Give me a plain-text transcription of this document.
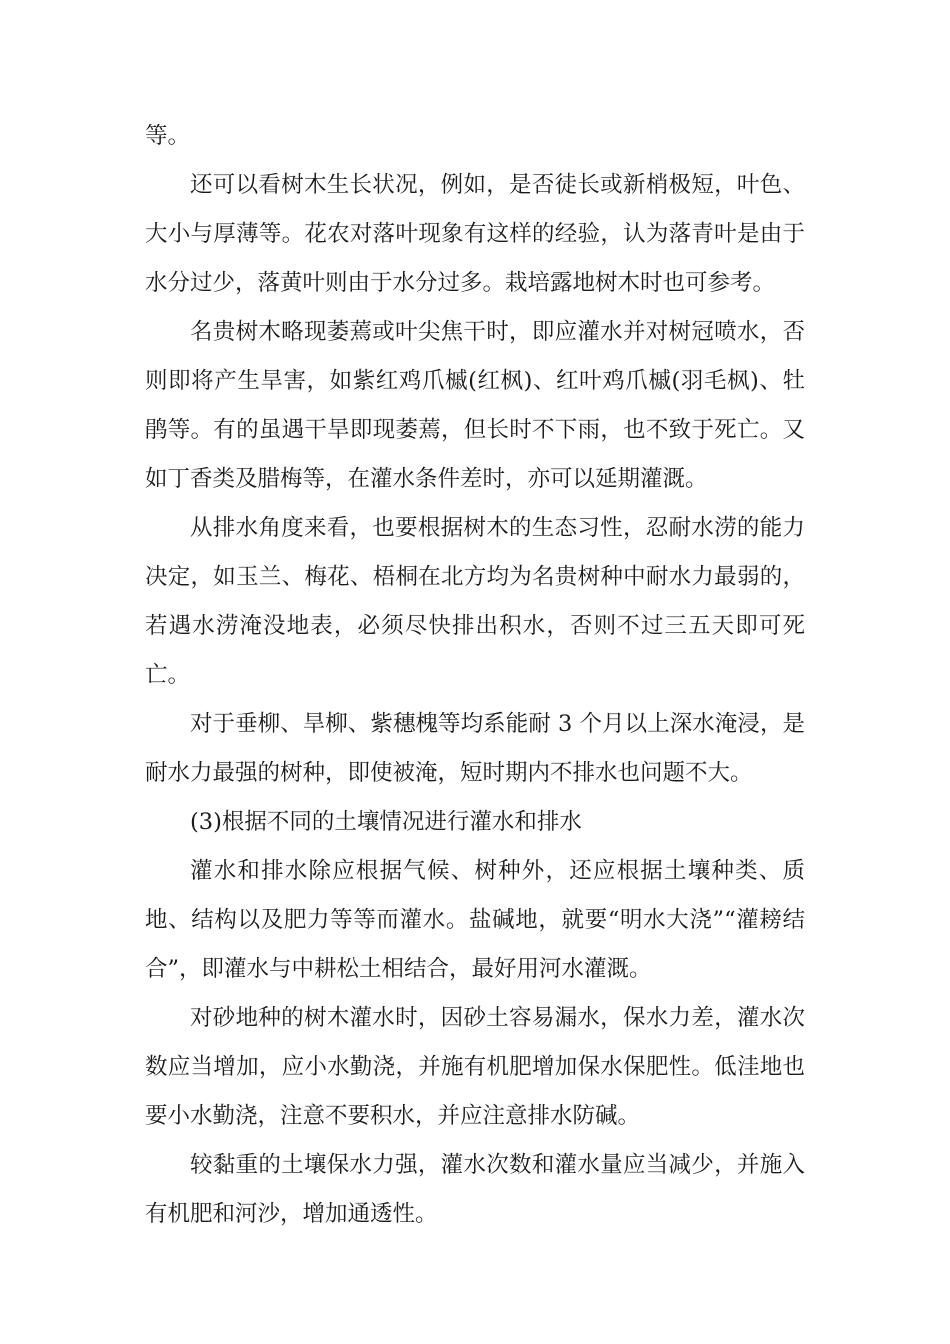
等。

还可以看树木生长状况，例如，是否徒长或新梢极短，叶色、大小与厚薄等。花农对落叶现象有这样的经验，认为落青叶是由于水分过少，落黄叶则由于水分过多。栽培露地树木时也可参考。

名贵树木略现萎蔫或叶尖焦干时，即应灌水并对树冠喷水，否则即将产生旱害，如紫红鸡爪槭(红枫)、红叶鸡爪槭(羽毛枫)、牡鹃等。有的虽遇干旱即现萎蔫，但长时不下雨，也不致于死亡。又如丁香类及腊梅等，在灌水条件差时，亦可以延期灌溉。

从排水角度来看，也要根据树木的生态习性，忍耐水涝的能力决定，如玉兰、梅花、梧桐在北方均为名贵树种中耐水力最弱的，若遇水涝淹没地表，必须尽快排出积水，否则不过三五天即可死亡。

对于垂柳、旱柳、紫穗槐等均系能耐 3 个月以上深水淹浸，是耐水力最强的树种，即使被淹，短时期内不排水也问题不大。

(3)根据不同的土壤情况进行灌水和排水

灌水和排水除应根据气候、树种外，还应根据土壤种类、质地、结构以及肥力等等而灌水。盐碱地，就要“明水大浇”“灌耪结合”，即灌水与中耕松土相结合，最好用河水灌溉。

对砂地种的树木灌水时，因砂土容易漏水，保水力差，灌水次数应当增加，应小水勤浇，并施有机肥增加保水保肥性。低洼地也要小水勤浇，注意不要积水，并应注意排水防碱。

较黏重的土壤保水力强，灌水次数和灌水量应当减少，并施入有机肥和河沙，增加通透性。
